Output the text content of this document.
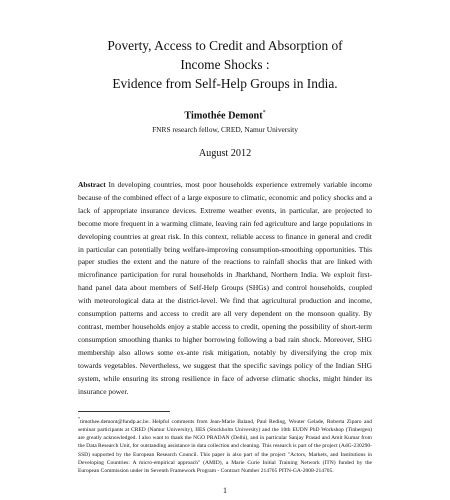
Poverty, Access to Credit and Absorption of
Income Shocks :
Evidence from Self-Help Groups in India.
Timothée Demont*
FNRS research fellow, CRED, Namur University
August 2012

Abstract In developing countries, most poor households experience extremely variable income because of the combined effect of a large exposure to climatic, economic and policy shocks and a lack of appropriate insurance devices. Extreme weather events, in particular, are projected to become more frequent in a warming climate, leaving rain fed agriculture and large populations in developing countries at great risk. In this context, reliable access to finance in general and credit in particular can potentially bring welfare-improving consumption-smoothing opportunities. This paper studies the extent and the nature of the reactions to rainfall shocks that are linked with microfinance participation for rural households in Jharkhand, Northern India. We exploit first-hand panel data about members of Self-Help Groups (SHGs) and control households, coupled with meteorological data at the district-level. We find that agricultural production and income, consumption patterns and access to credit are all very dependent on the monsoon quality. By contrast, member households enjoy a stable access to credit, opening the possibility of short-term consumption smoothing thanks to higher borrowing following a bad rain shock. Moreover, SHG membership also allows some ex-ante risk mitigation, notably by diversifying the crop mix towards vegetables. Nevertheless, we suggest that the specific savings policy of the Indian SHG system, while ensuring its strong resilience in face of adverse climatic shocks, might hinder its insurance power.

*timothee.demont@fundp.ac.be. Helpful comments from Jean-Marie Baland, Paul Reding, Wouter Gelade, Roberta Ziparo and seminar participants at CRED (Namur University), IIES (Stockholm University) and the 10th EUDN PhD Workshop (Tinbergen) are greatly acknowledged. I also want to thank the NGO PRADAN (Delhi), and in particular Sanjay Prasad and Amit Kumar from the Data Research Unit, for outstanding assistance in data collection and cleaning. This research is part of the project (AdG-230290-SSD) supported by the European Research Council. This paper is also part of the project "Actors, Markets, and Institutions in Developing Countries: A micro-empirical approach" (AMID), a Marie Curie Initial Training Network (ITN) funded by the European Commission under its Seventh Framework Program - Contract Number 214705 PITN-GA-2008-214705.

1
